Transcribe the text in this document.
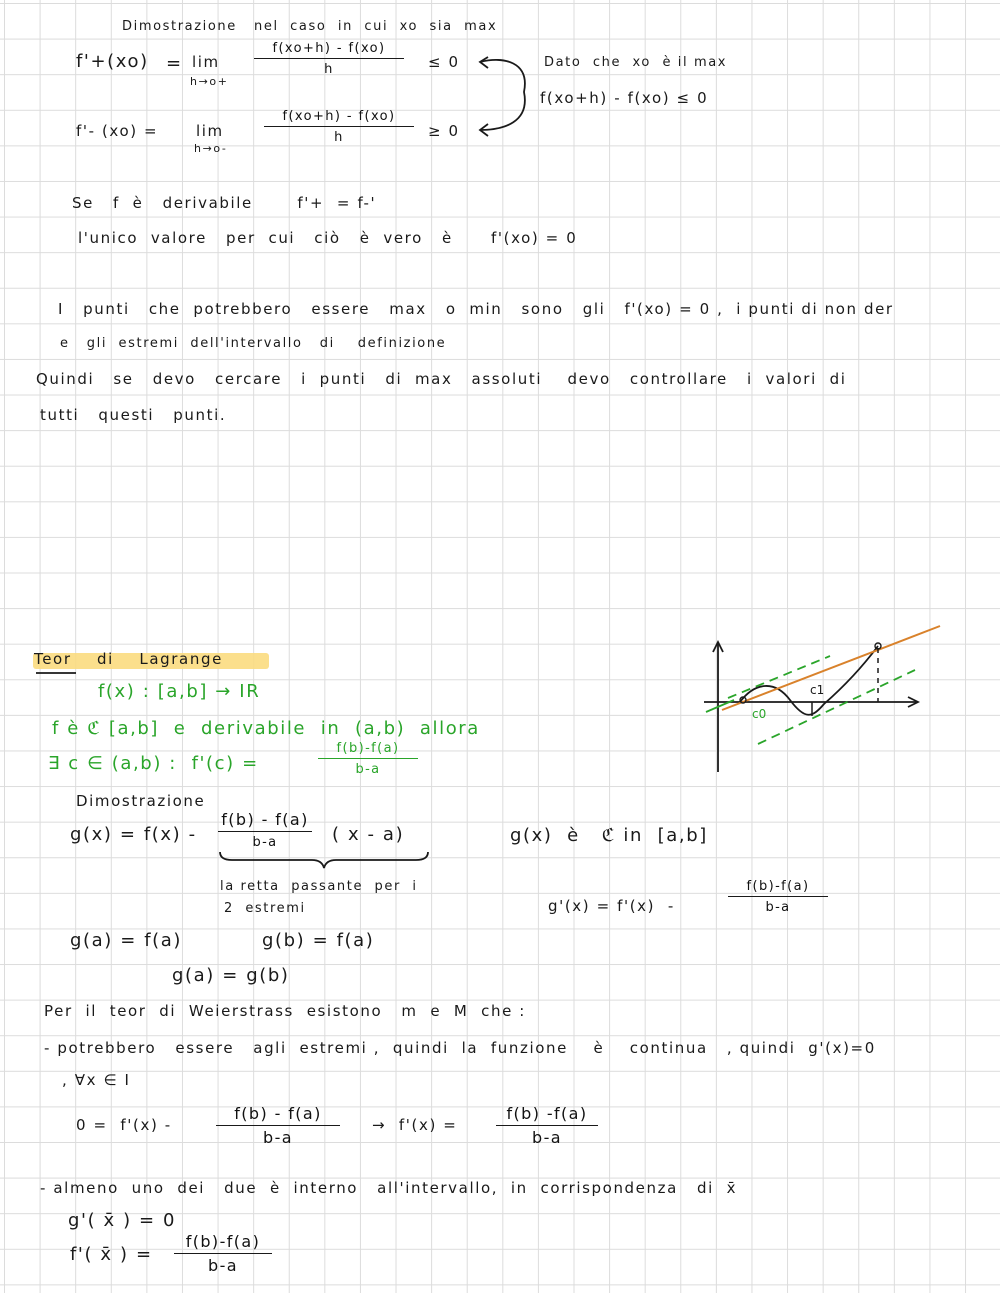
Dimostrazione   nel  caso  in  cui  xo  sia  max
f'+(xo) = lim
h→o+
f(xo+h) - f(xo)
h	≤ 0	Dato  che  xo  è il max
f(xo+h) - f(xo) ≤ 0
f'- (xo) =	lim
h→o-
f(xo+h) - f(xo)
h	≥ 0
Se   f  è   derivabile       f'+  = f-'
l'unico  valore   per  cui   ciò   è  vero   è      f'(xo) = 0
I   punti   che  potrebbero   essere   max   o  min   sono   gli   f'(xo) = 0 ,  i punti di non der
e   gli  estremi  dell'intervallo   di    definizione
Quindi   se   devo   cercare   i  punti   di  max   assoluti    devo   controllare   i  valori  di
tutti   questi   punti.
Teor    di    Lagrange
f(x) : [a,b] → IR
f è ℭ [a,b]  e  derivabile  in  (a,b)  allora
∃ c ∈ (a,b) :  f'(c) =
f(b)-f(a)
b-a
c0
c1
Dimostrazione
g(x) = f(x) -
f(b) - f(a)
b-a	( x - a)
la retta  passante  per  i
2  estremi
g(x)  è   ℭ in  [a,b]
g'(x) = f'(x)  -
f(b)-f(a)
b-a
g(a) = f(a)	g(b) = f(a)
g(a) = g(b)
Per  il  teor  di  Weierstrass  esistono   m  e  M  che :
- potrebbero   essere   agli  estremi ,  quindi  la  funzione    è    continua   , quindi  g'(x)=0
, ∀x ∈ I
0 =  f'(x) -
f(b) - f(a)
b-a
→  f'(x) =
f(b) -f(a)
b-a
- almeno  uno  dei   due  è  interno   all'intervallo,  in  corrispondenza   di  x̄
g'( x̄ ) = 0
f'( x̄ ) =
f(b)-f(a)
b-a
